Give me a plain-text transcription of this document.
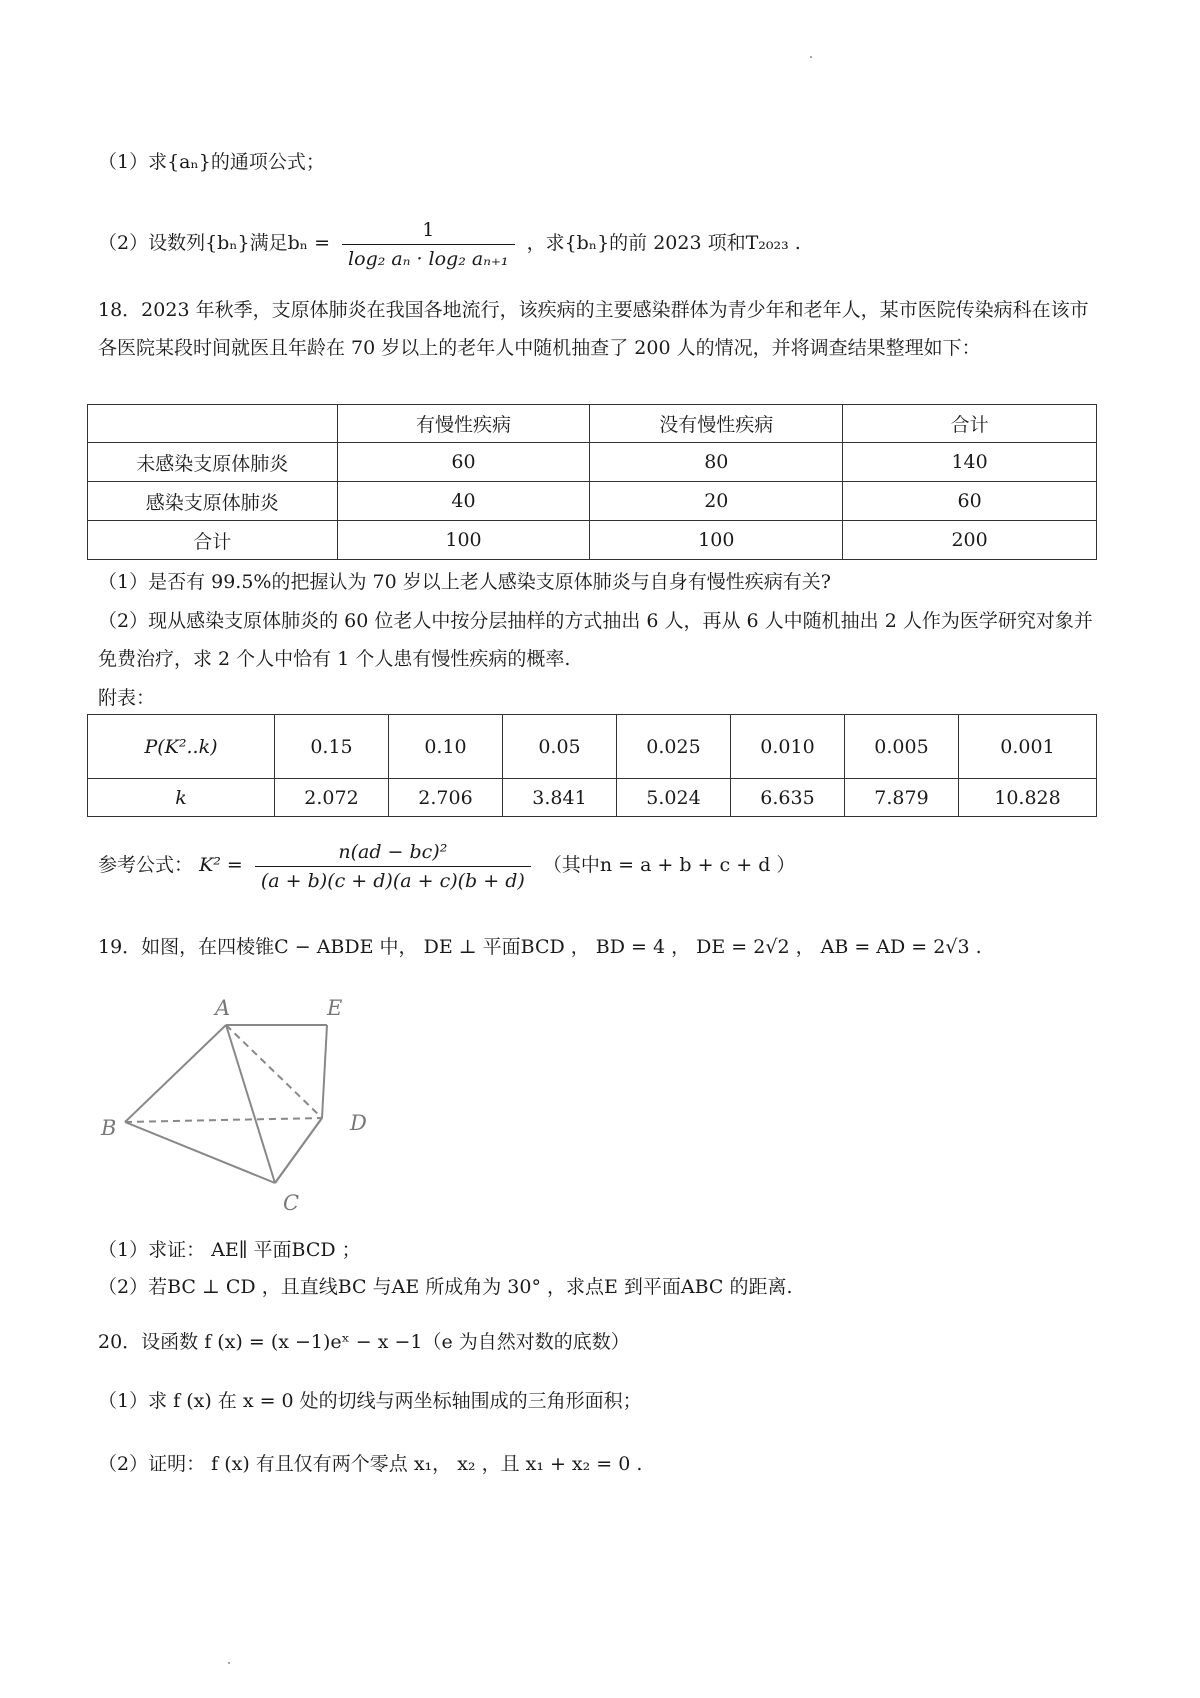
（1）求{aₙ}的通项公式；
（2）设数列{bₙ}满足$b_n = \frac{1}{\text{log₂ aₙ · log₂ aₙ₊₁}}$ ，求{bₙ}的前 2023 项和T₂₀₂₃ .
18．2023 年秋季，支原体肺炎在我国各地流行，该疾病的主要感染群体为青少年和老年人，某市医院传染病科在该市各医院某段时间就医且年龄在 70 岁以上的老年人中随机抽查了 200 人的情况，并将调查结果整理如下：
	有慢性疾病	没有慢性疾病	合计
未感染支原体肺炎	60	80	140
感染支原体肺炎	40	20	60
合计	100	100	200
（1）是否有 99.5%的把握认为 70 岁以上老人感染支原体肺炎与自身有慢性疾病有关?
（2）现从感染支原体肺炎的 60 位老人中按分层抽样的方式抽出 6 人，再从 6 人中随机抽出 2 人作为医学研究对象并免费治疗，求 2 个人中恰有 1 个人患有慢性疾病的概率.
附表：
P(K²..k)	0.15	0.10	0.05	0.025	0.010	0.005	0.001
k	2.072	2.706	3.841	5.024	6.635	7.879	10.828
参考公式： $K^2 = \frac{\text{n(ad − bc)²}}{(a + b)(c + d)(a + c)(b + d)}$ （其中n = a + b + c + d ）
19．如图，在四棱锥C − ABDE 中， DE ⊥ 平面BCD ， BD = 4 ， DE = 2√2 ， AB = AD = 2√3 .
A	E
B	D
C
（1）求证： AE∥ 平面BCD ；
（2）若BC ⊥ CD ，且直线BC 与AE 所成角为 30° ，求点E 到平面ABC 的距离.
20．设函数 f (x) = (x −1)eˣ − x −1（e 为自然对数的底数）
（1）求 f (x) 在 x = 0 处的切线与两坐标轴围成的三角形面积；
（2）证明： f (x) 有且仅有两个零点 x₁， x₂ ，且 x₁ + x₂ = 0 .
